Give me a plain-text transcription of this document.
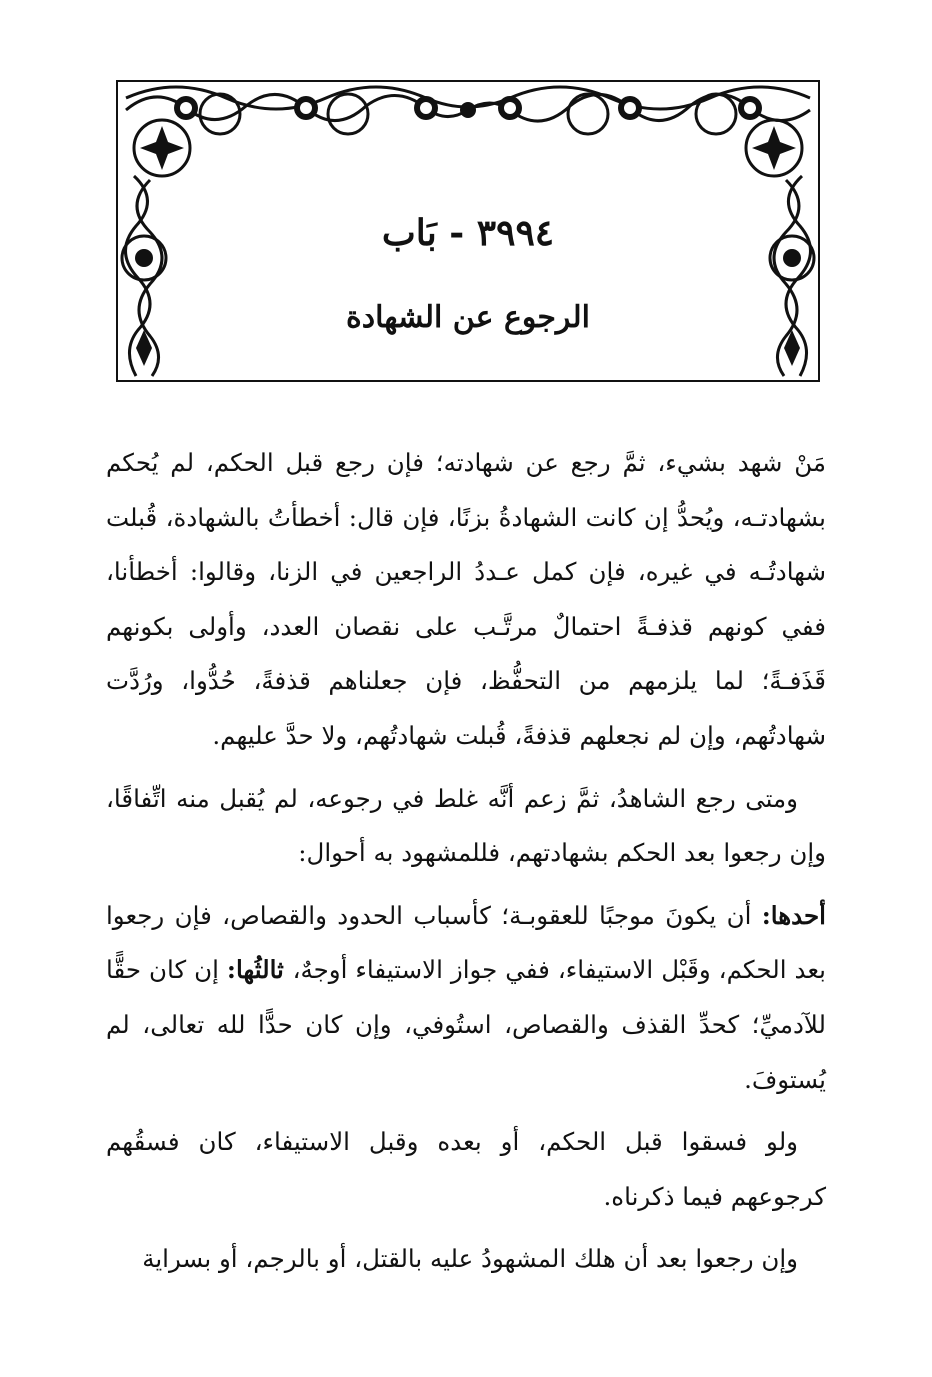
٣٩٩٤ - بَاب
الرجوع عن الشهادة

مَنْ شهد بشيء، ثمَّ رجع عن شهادته؛ فإن رجع قبل الحكم، لم يُحكم بشهادتـه، ويُحدُّ إن كانت الشهادةُ بزنًا، فإن قال: أخطأتُ بالشهادة، قُبلت شهادتُـه في غيره، فإن كمل عـددُ الراجعين في الزنا، وقالوا: أخطأنا، ففي كونهم قذفـةً احتمالٌ مرتَّـب على نقصان العدد، وأولى بكونهم قَذَفـةً؛ لما يلزمهم من التحفُّظ، فإن جعلناهم قذفةً، حُدُّوا، ورُدَّت شهادتُهم، وإن لم نجعلهم قذفةً، قُبلت شهادتُهم، ولا حدَّ عليهم.

ومتى رجع الشاهدُ، ثمَّ زعم أنَّه غلط في رجوعه، لم يُقبل منه اتِّفاقًا، وإن رجعوا بعد الحكم بشهادتهم، فللمشهود به أحوال:

أحدها: أن يكونَ موجبًا للعقوبـة؛ كأسباب الحدود والقصاص، فإن رجعوا بعد الحكم، وقَبْل الاستيفاء، ففي جواز الاستيفاء أوجهٌ، ثالثُها: إن كان حقًّا للآدميِّ؛ كحدِّ القذف والقصاص، استُوفي، وإن كان حدًّا لله تعالى، لم يُستوفَ.

ولو فسقوا قبل الحكم، أو بعده وقبل الاستيفاء، كان فسقُهم كرجوعهم فيما ذكرناه.

وإن رجعوا بعد أن هلك المشهودُ عليه بالقتل، أو بالرجم، أو بسراية
